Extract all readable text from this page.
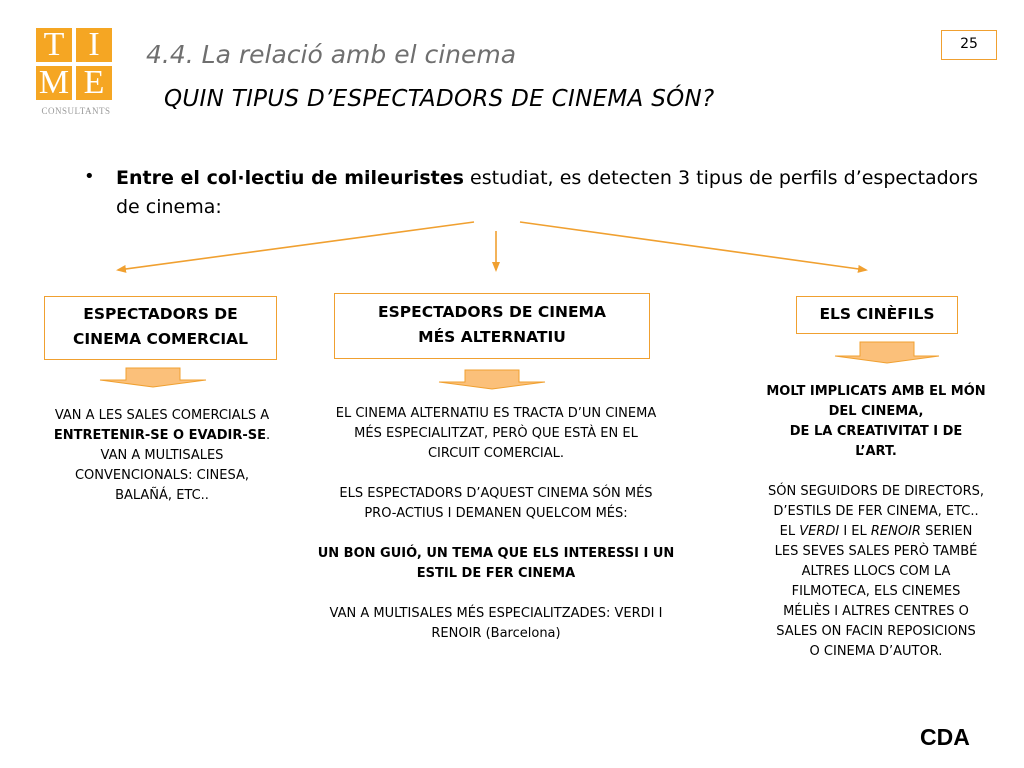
T I
M E
CONSULTANTS
4.4. La relació amb el cinema
QUIN TIPUS D’ESPECTADORS DE CINEMA SÓN?
25
• Entre el col·lectiu de mileuristes estudiat, es detecten 3 tipus de perfils d’espectadors de cinema:
ESPECTADORS DE
CINEMA COMERCIAL
ESPECTADORS DE CINEMA
MÉS ALTERNATIU
ELS CINÈFILS

VAN A LES SALES COMERCIALS A

ENTRETENIR-SE O EVADIR-SE.

VAN A MULTISALES

CONVENCIONALS: CINESA,

BALAÑÁ, ETC..

EL CINEMA ALTERNATIU ES TRACTA D’UN CINEMA

MÉS ESPECIALITZAT, PERÒ QUE ESTÀ EN EL

CIRCUIT COMERCIAL.

ELS ESPECTADORS D’AQUEST CINEMA SÓN MÉS

PRO-ACTIUS I DEMANEN QUELCOM MÉS:

UN BON GUIÓ, UN TEMA QUE ELS INTERESSI I UN

ESTIL DE FER CINEMA

VAN A MULTISALES MÉS ESPECIALITZADES: VERDI I

RENOIR (Barcelona)

MOLT IMPLICATS AMB EL MÓN

DEL CINEMA,

DE LA CREATIVITAT I DE

L’ART.

SÓN SEGUIDORS DE DIRECTORS,

D’ESTILS DE FER CINEMA, ETC..

EL VERDI I EL RENOIR SERIEN

LES SEVES SALES PERÒ TAMBÉ

ALTRES LLOCS COM LA

FILMOTECA, ELS CINEMES

MÉLIÈS I ALTRES CENTRES O

SALES ON FACIN REPOSICIONS

O CINEMA D’AUTOR.

CDA
